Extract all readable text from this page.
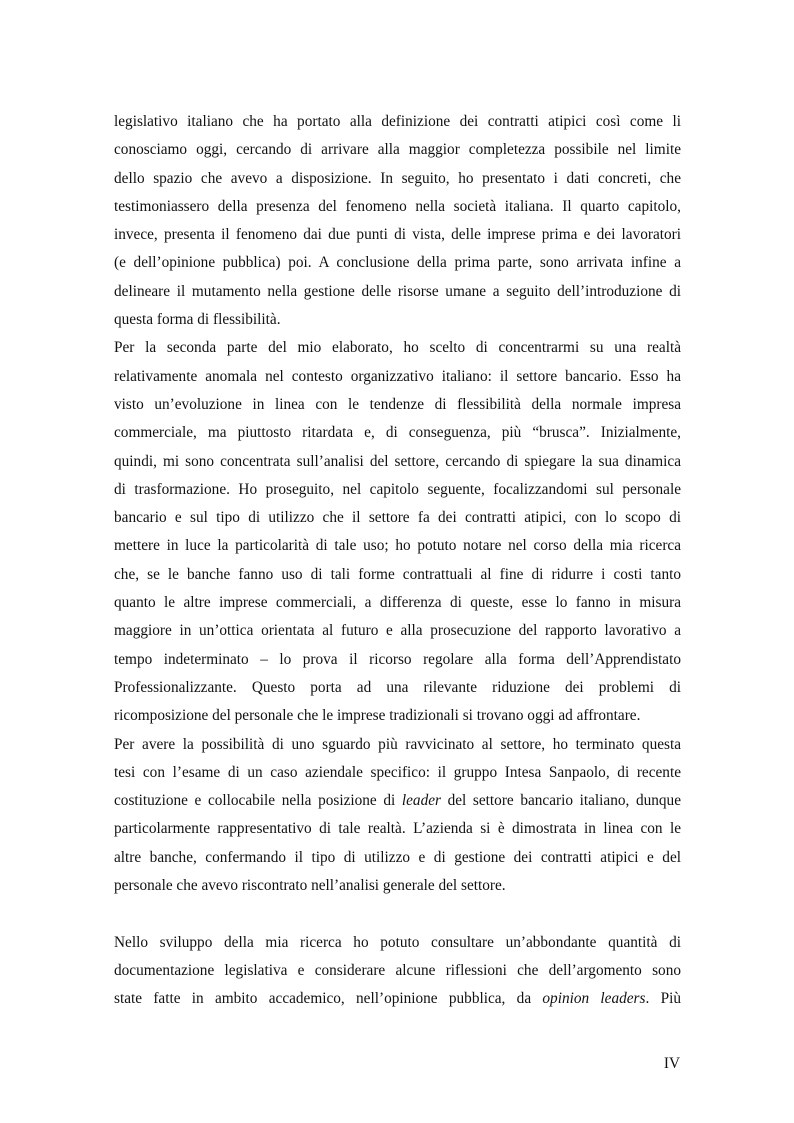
legislativo italiano che ha portato alla definizione dei contratti atipici così come li
conosciamo oggi, cercando di arrivare alla maggior completezza possibile nel limite
dello spazio che avevo a disposizione. In seguito, ho presentato i dati concreti, che
testimoniassero della presenza del fenomeno nella società italiana. Il quarto capitolo,
invece, presenta il fenomeno dai due punti di vista, delle imprese prima e dei lavoratori
(e dell’opinione pubblica) poi. A conclusione della prima parte, sono arrivata infine a
delineare il mutamento nella gestione delle risorse umane a seguito dell’introduzione di
questa forma di flessibilità.
Per la seconda parte del mio elaborato, ho scelto di concentrarmi su una realtà
relativamente anomala nel contesto organizzativo italiano: il settore bancario. Esso ha
visto un’evoluzione in linea con le tendenze di flessibilità della normale impresa
commerciale, ma piuttosto ritardata e, di conseguenza, più “brusca”. Inizialmente,
quindi, mi sono concentrata sull’analisi del settore, cercando di spiegare la sua dinamica
di trasformazione. Ho proseguito, nel capitolo seguente, focalizzandomi sul personale
bancario e sul tipo di utilizzo che il settore fa dei contratti atipici, con lo scopo di
mettere in luce la particolarità di tale uso; ho potuto notare nel corso della mia ricerca
che, se le banche fanno uso di tali forme contrattuali al fine di ridurre i costi tanto
quanto le altre imprese commerciali, a differenza di queste, esse lo fanno in misura
maggiore in un’ottica orientata al futuro e alla prosecuzione del rapporto lavorativo a
tempo indeterminato – lo prova il ricorso regolare alla forma dell’Apprendistato
Professionalizzante. Questo porta ad una rilevante riduzione dei problemi di
ricomposizione del personale che le imprese tradizionali si trovano oggi ad affrontare.
Per avere la possibilità di uno sguardo più ravvicinato al settore, ho terminato questa
tesi con l’esame di un caso aziendale specifico: il gruppo Intesa Sanpaolo, di recente
costituzione e collocabile nella posizione di leader del settore bancario italiano, dunque
particolarmente rappresentativo di tale realtà. L’azienda si è dimostrata in linea con le
altre banche, confermando il tipo di utilizzo e di gestione dei contratti atipici e del
personale che avevo riscontrato nell’analisi generale del settore.
Nello sviluppo della mia ricerca ho potuto consultare un’abbondante quantità di
documentazione legislativa e considerare alcune riflessioni che dell’argomento sono
state fatte in ambito accademico, nell’opinione pubblica, da opinion leaders. Più
IV
